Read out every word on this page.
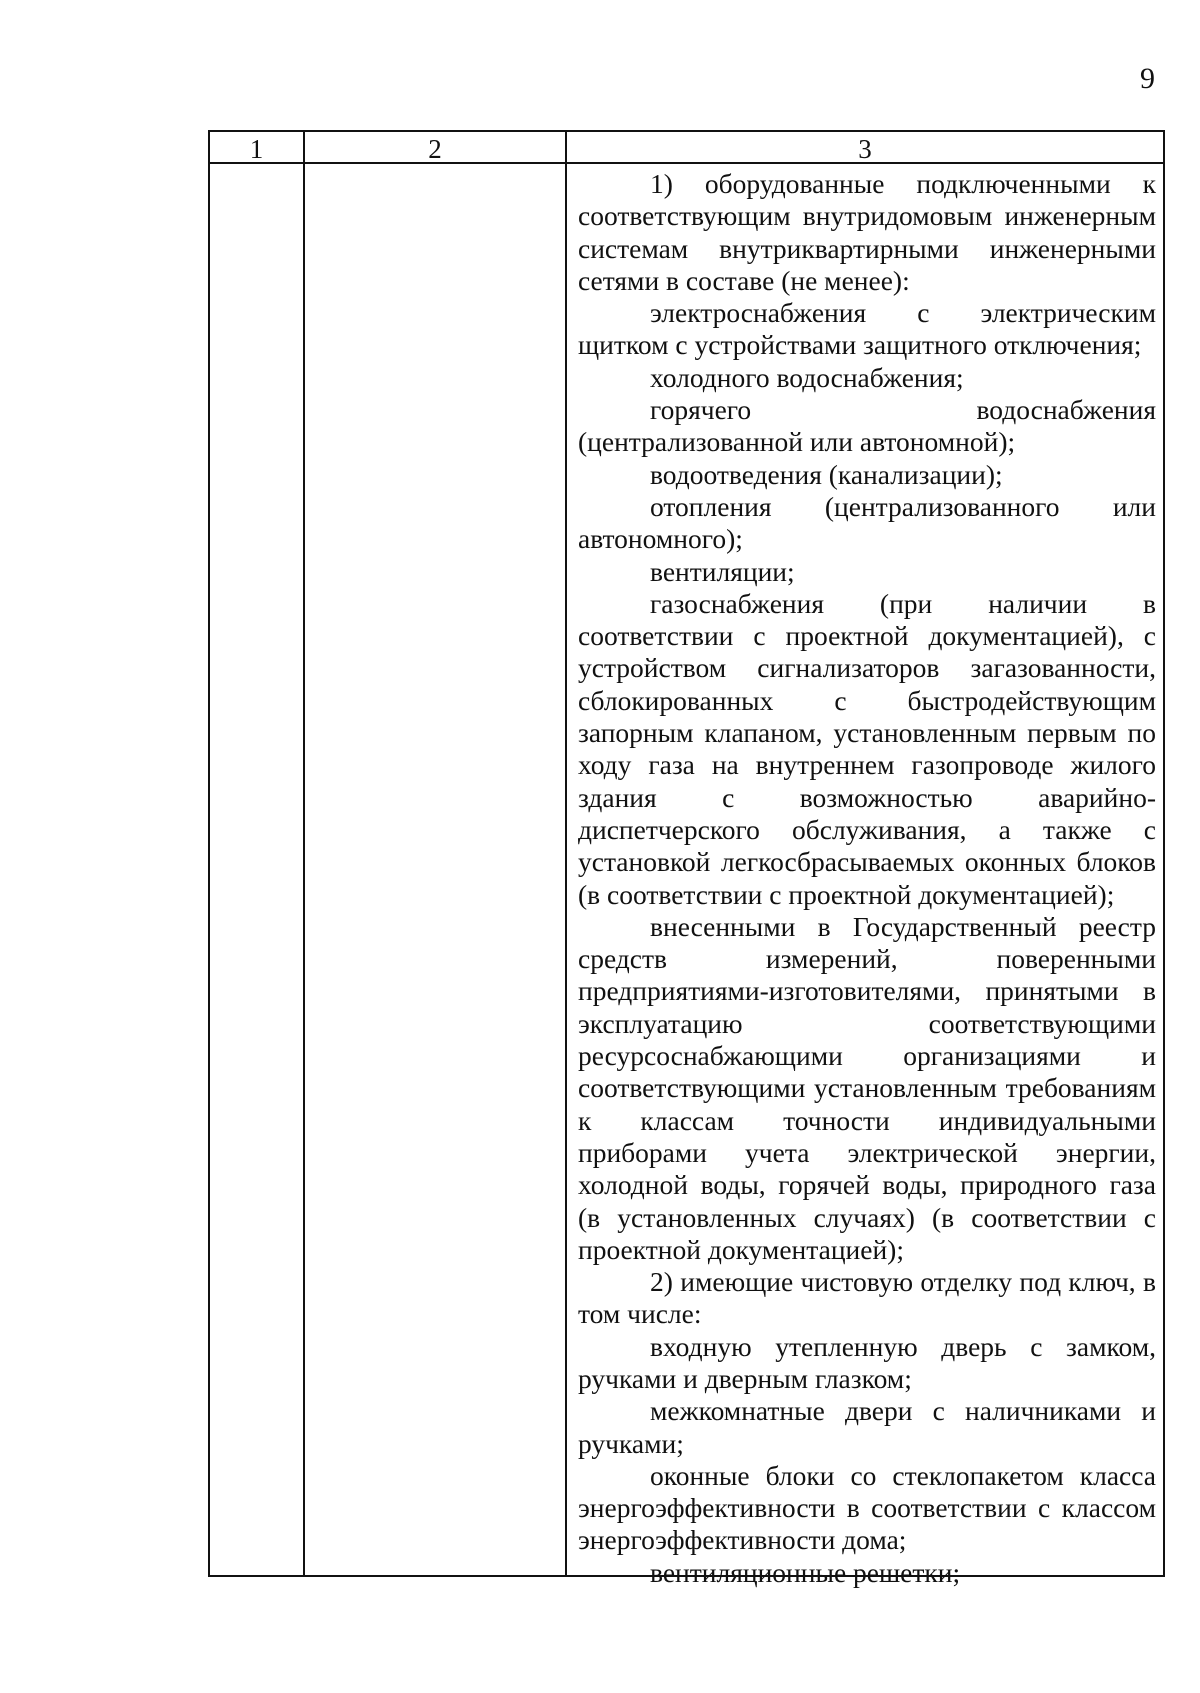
9
1	2	3

1) оборудованные подключенными к соответствующим внутридомовым инженерным системам внутриквартирными инженерными сетями в составе (не менее):

электроснабжения с электрическим щитком с устройствами защитного отключения;

холодного водоснабжения;

горячего водоснабжения (централизованной или автономной);

водоотведения (канализации);

отопления (централизованного или автономного);

вентиляции;

газоснабжения (при наличии в соответствии с проектной документацией), с устройством сигнализаторов загазованности, сблокированных с быстродействующим запорным клапаном, установленным первым по ходу газа на внутреннем газопроводе жилого здания с возможностью аварийно-диспетчерского обслуживания, а также с установкой легкосбрасываемых оконных блоков (в соответствии с проектной документацией);

внесенными в Государственный реестр средств измерений, поверенными предприятиями-изготовителями, принятыми в эксплуатацию соответствующими ресурсоснабжающими организациями и соответствующими установленным требованиям к классам точности индивидуальными приборами учета электрической энергии, холодной воды, горячей воды, природного газа (в установленных случаях) (в соответствии с проектной документацией);

2) имеющие чистовую отделку под ключ, в том числе:

входную утепленную дверь с замком, ручками и дверным глазком;

межкомнатные двери с наличниками и ручками;

оконные блоки со стеклопакетом класса энергоэффективности в соответствии с классом энергоэффективности дома;

вентиляционные решетки;
